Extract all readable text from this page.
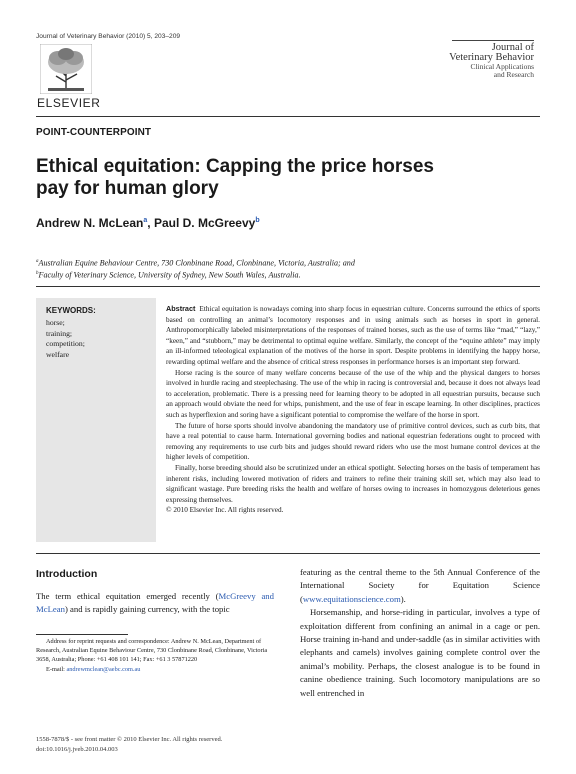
Journal of Veterinary Behavior (2010) 5, 203–209
ELSEVIER
Journal of
Veterinary Behavior
Clinical Applications
and Research
POINT-COUNTERPOINT
Ethical equitation: Capping the price horses pay for human glory
Andrew N. McLean$^a$, Paul D. McGreevy$^b$
$^a$Australian Equine Behaviour Centre, 730 Clonbinane Road, Clonbinane, Victoria, Australia; and
$^b$Faculty of Veterinary Science, University of Sydney, New South Wales, Australia.
KEYWORDS:
horse;
training;
competition;
welfare

Abstract Ethical equitation is nowadays coming into sharp focus in equestrian culture. Concerns surround the ethics of sports based on controlling an animal’s locomotory responses and in using animals such as horses in sport in general. Anthropomorphically labeled misinterpretations of the responses of trained horses, such as the use of terms like “mad,” “lazy,” “keen,” and “stubborn,” may be detrimental to optimal equine welfare. Similarly, the concept of the “equine athlete” may imply an ill-informed teleological explanation of the motives of the horse in sport. Despite problems in identifying the happy horse, rewarding optimal welfare and the absence of critical stress responses in performance horses is an important step forward.

Horse racing is the source of many welfare concerns because of the use of the whip and the physical dangers to horses involved in hurdle racing and steeplechasing. The use of the whip in racing is controversial and, because it does not always lead to acceleration, problematic. There is a pressing need for learning theory to be adopted in all equestrian pursuits, because such an approach would obviate the need for whips, punishment, and the use of fear in escape learning. In other disciplines, practices such as hyperflexion and soring have a significant potential to compromise the welfare of the horse in sport.

The future of horse sports should involve abandoning the mandatory use of primitive control devices, such as curb bits, that have a real potential to cause harm. International governing bodies and national equestrian federations ought to proceed with removing any requirements to use curb bits and judges should reward riders who use the most humane control devices at the higher levels of competition.

Finally, horse breeding should also be scrutinized under an ethical spotlight. Selecting horses on the basis of temperament has inherent risks, including lowered motivation of riders and trainers to refine their training skill set, which may also lead to significant wastage. Pure breeding risks the health and welfare of horses owing to increases in homozygous deleterious genes expressing themselves.

© 2010 Elsevier Inc. All rights reserved.

Introduction
The term ethical equitation emerged recently (McGreevy and McLean) and is rapidly gaining currency, with the topic

Address for reprint requests and correspondence: Andrew N. McLean, Department of Research, Australian Equine Behaviour Centre, 730 Clonbinane Road, Clonbinane, Victoria 3658, Australia; Phone: +61 408 101 141; Fax: +61 3 57871220

E-mail: andrewmclean@aebc.com.au

featuring as the central theme to the 5th Annual Conference of the International Society for Equitation Science (www.equitationscience.com).

Horsemanship, and horse-riding in particular, involves a type of exploitation different from confining an animal in a cage or pen. Horse training in-hand and under-saddle (as in similar activities with elephants and camels) involves gaining complete control over the animal’s mobility. Perhaps, the closest analogue is to be found in canine obedience training. Such locomotory manipulations are so well entrenched in

1558-7878/$ - see front matter © 2010 Elsevier Inc. All rights reserved.
doi:10.1016/j.jveb.2010.04.003
